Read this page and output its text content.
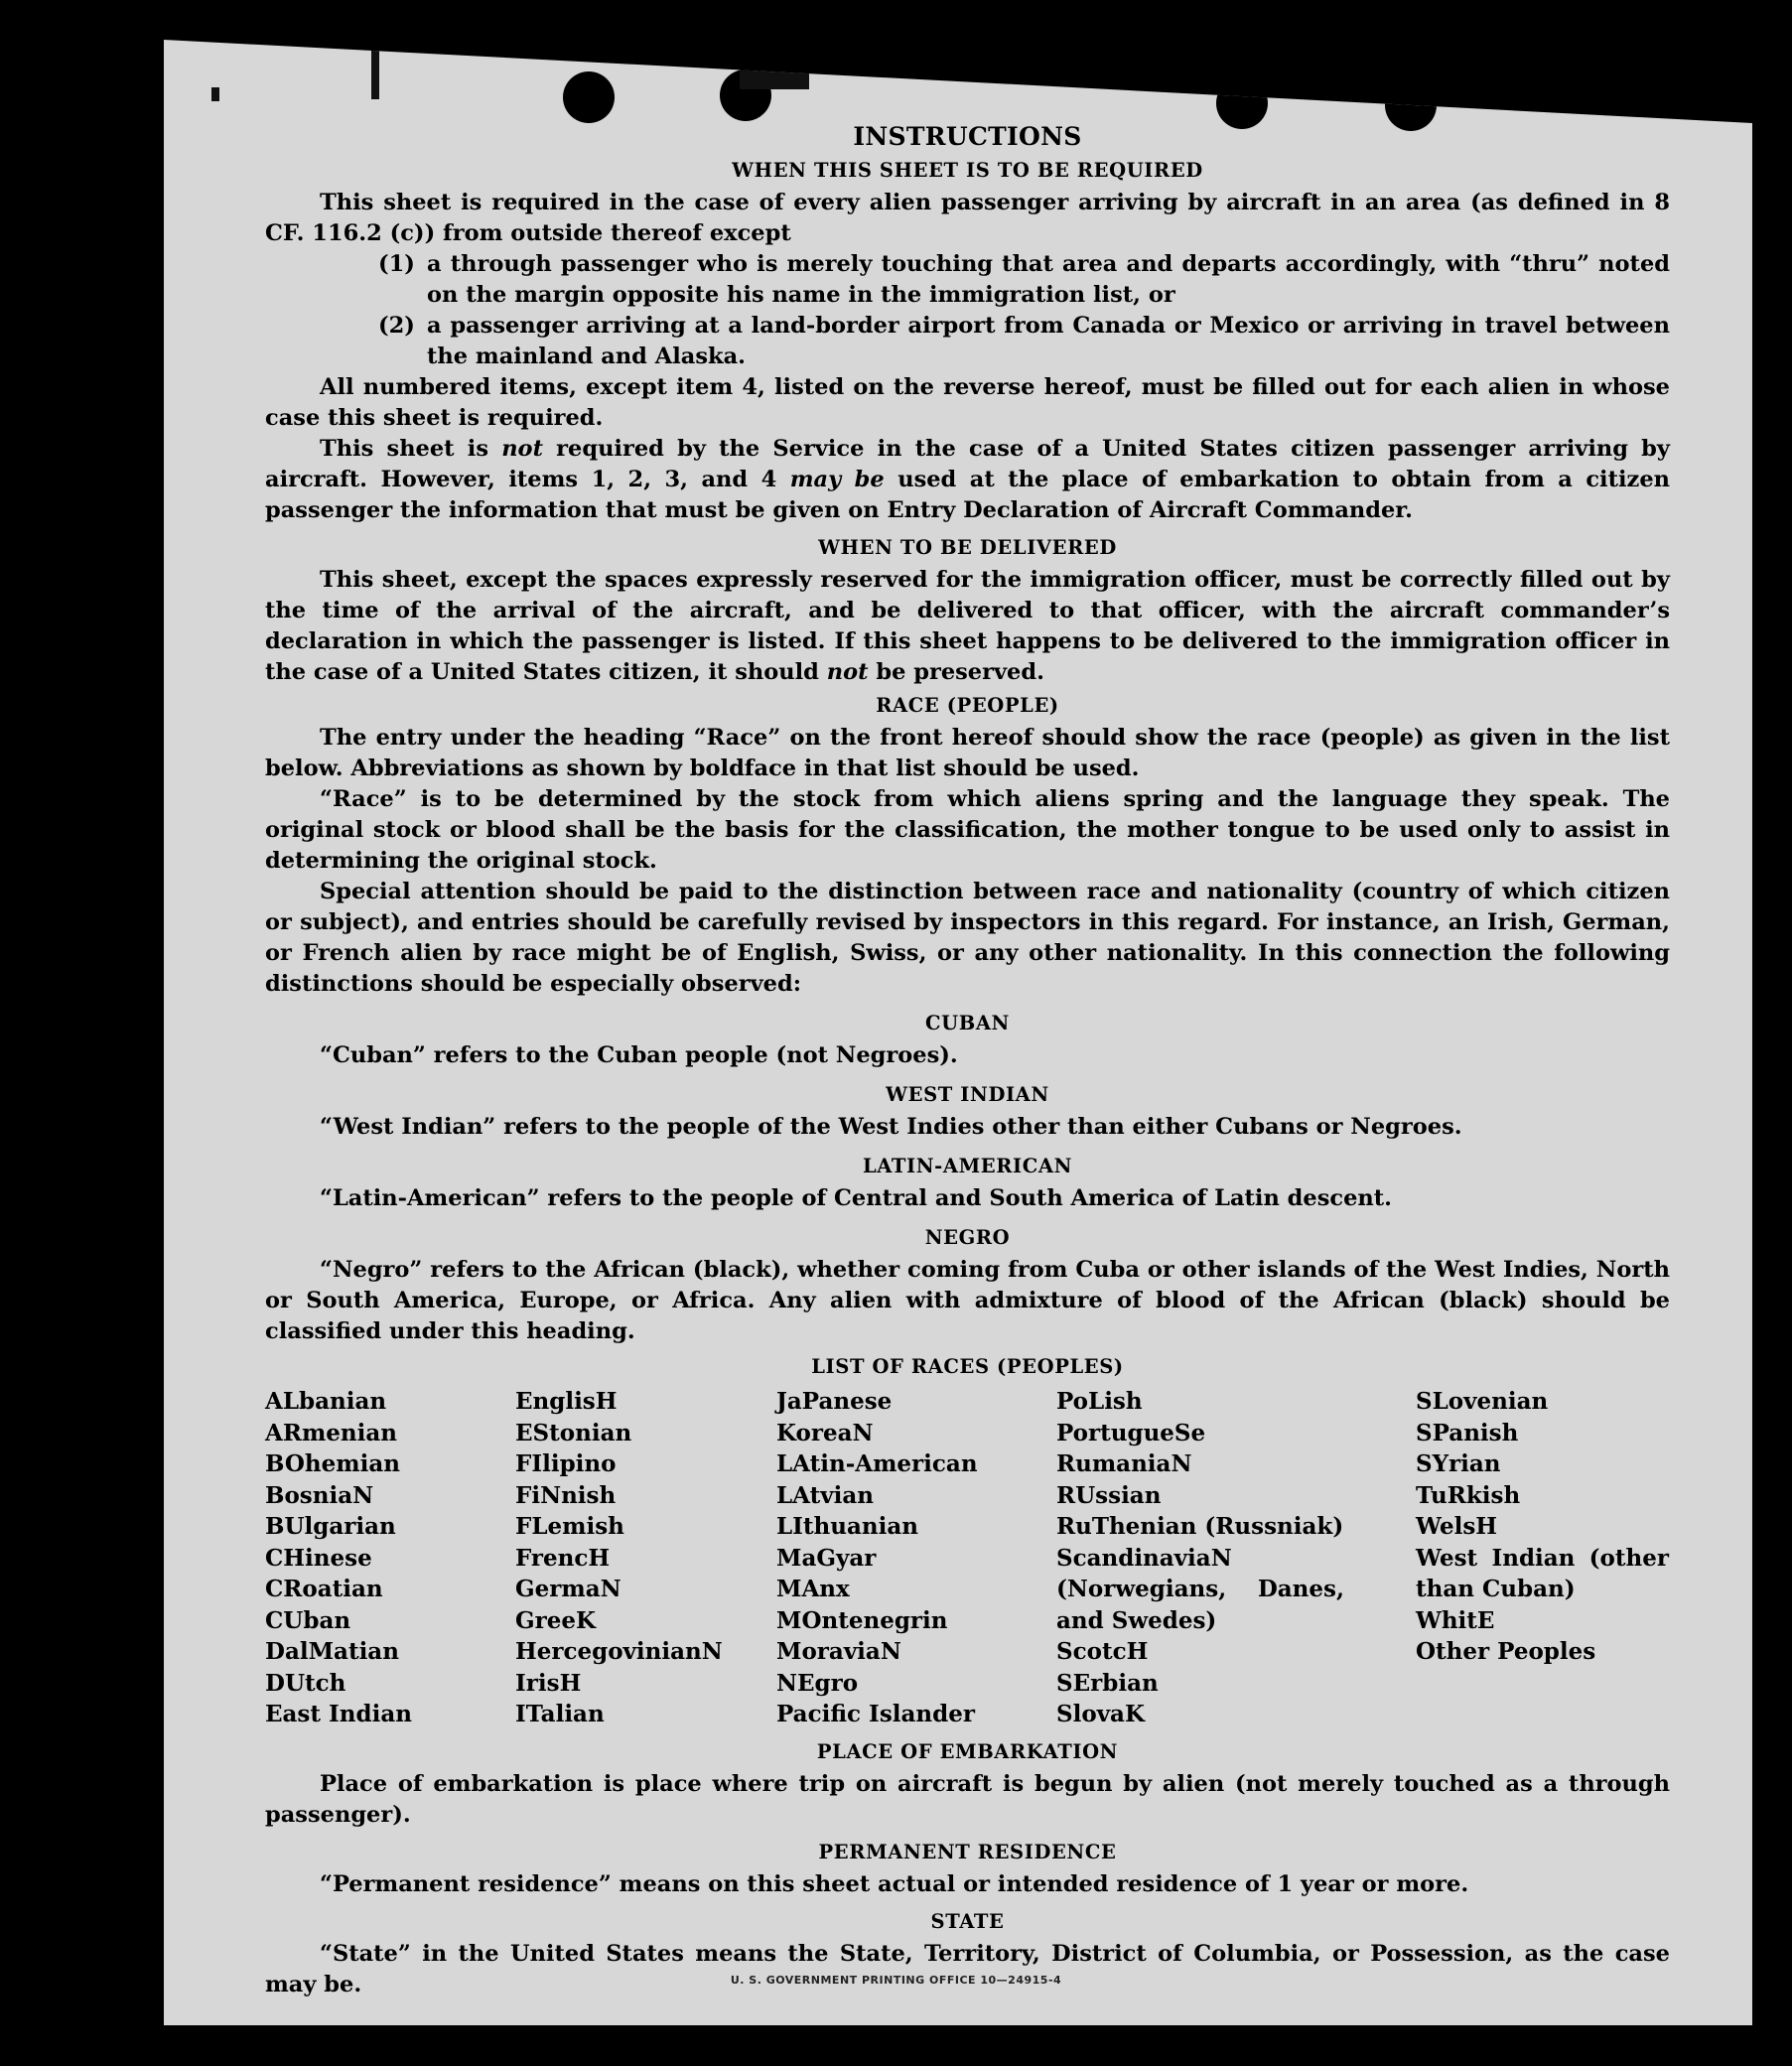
INSTRUCTIONS
WHEN THIS SHEET IS TO BE REQUIRED

This sheet is required in the case of every alien passenger arriving by aircraft in an area (as defined in 8 CF. 116.2 (c)) from outside thereof except

(1) a through passenger who is merely touching that area and departs accordingly, with “thru” noted on the margin opposite his name in the immigration list, or
(2) a passenger arriving at a land-border airport from Canada or Mexico or arriving in travel between the mainland and Alaska.

All numbered items, except item 4, listed on the reverse hereof, must be filled out for each alien in whose case this sheet is required.

This sheet is not required by the Service in the case of a United States citizen passenger arriving by aircraft. However, items 1, 2, 3, and 4 may be used at the place of embarkation to obtain from a citizen passenger the information that must be given on Entry Declaration of Aircraft Commander.

WHEN TO BE DELIVERED

This sheet, except the spaces expressly reserved for the immigration officer, must be correctly filled out by the time of the arrival of the aircraft, and be delivered to that officer, with the aircraft commander’s declaration in which the passenger is listed. If this sheet happens to be delivered to the immigration officer in the case of a United States citizen, it should not be preserved.

RACE (PEOPLE)

The entry under the heading “Race” on the front hereof should show the race (people) as given in the list below. Abbreviations as shown by boldface in that list should be used.

“Race” is to be determined by the stock from which aliens spring and the language they speak. The original stock or blood shall be the basis for the classification, the mother tongue to be used only to assist in determining the original stock.

Special attention should be paid to the distinction between race and nationality (country of which citizen or subject), and entries should be carefully revised by inspectors in this regard. For instance, an Irish, German, or French alien by race might be of English, Swiss, or any other nationality. In this connection the following distinctions should be especially observed:

CUBAN

“Cuban” refers to the Cuban people (not Negroes).

WEST INDIAN

“West Indian” refers to the people of the West Indies other than either Cubans or Negroes.

LATIN-AMERICAN

“Latin-American” refers to the people of Central and South America of Latin descent.

NEGRO

“Negro” refers to the African (black), whether coming from Cuba or other islands of the West Indies, North or South America, Europe, or Africa. Any alien with admixture of blood of the African (black) should be classified under this heading.

LIST OF RACES (PEOPLES)
ALbanian
ARmenian
BOhemian
BosniaN
BUlgarian
CHinese
CRoatian
CUban
DalMatian
DUtch
East Indian
EnglisH
EStonian
FIlipino
FiNnish
FLemish
FrencH
GermaN
GreeK
HercegovinianN
IrisH
ITalian
JaPanese
KoreaN
LAtin-American
LAtvian
LIthuanian
MaGyar
MAnx
MOntenegrin
MoraviaN
NEgro
Pacific Islander
PoLish
PortugueSe
RumaniaN
RUssian
RuThenian (Russniak)
ScandinaviaN (Norwegians, Danes, and Swedes)
ScotcH
SErbian
SlovaK
SLovenian
SPanish
SYrian
TuRkish
WelsH
West Indian (other than Cuban)
WhitE
Other Peoples
PLACE OF EMBARKATION

Place of embarkation is place where trip on aircraft is begun by alien (not merely touched as a through passenger).

PERMANENT RESIDENCE

“Permanent residence” means on this sheet actual or intended residence of 1 year or more.

STATE

“State” in the United States means the State, Territory, District of Columbia, or Possession, as the case may be.	U. S. GOVERNMENT PRINTING OFFICE 10—24915-4
